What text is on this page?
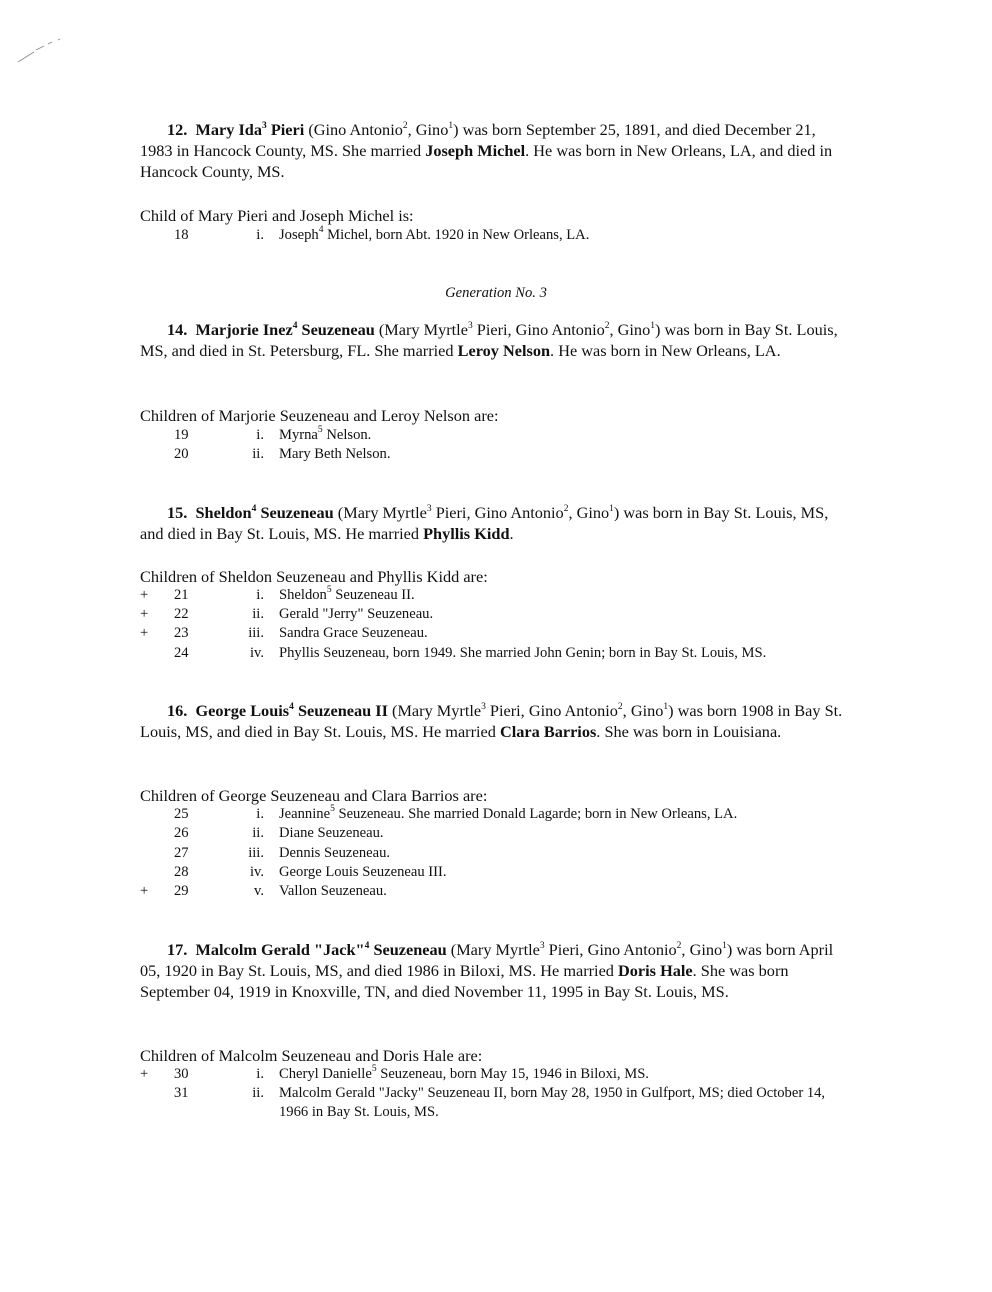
12. Mary Ida$^3$ Pieri (Gino Antonio$^2$, Gino$^1$) was born September 25, 1891, and died December 21, 1983 in Hancock County, MS. She married Joseph Michel. He was born in New Orleans, LA, and died in Hancock County, MS.

Child of Mary Pieri and Joseph Michel is:
18	i. Joseph$^4$ Michel, born Abt. 1920 in New Orleans, LA.
Generation No. 3

14. Marjorie Inez$^4$ Seuzeneau (Mary Myrtle$^3$ Pieri, Gino Antonio$^2$, Gino$^1$) was born in Bay St. Louis, MS, and died in St. Petersburg, FL. She married Leroy Nelson. He was born in New Orleans, LA.

Children of Marjorie Seuzeneau and Leroy Nelson are:
19	i. Myrna$^5$ Nelson.
20	ii. Mary Beth Nelson.

15. Sheldon$^4$ Seuzeneau (Mary Myrtle$^3$ Pieri, Gino Antonio$^2$, Gino$^1$) was born in Bay St. Louis, MS, and died in Bay St. Louis, MS. He married Phyllis Kidd.

Children of Sheldon Seuzeneau and Phyllis Kidd are:
+ 21	i. Sheldon$^5$ Seuzeneau II.
+ 22	ii. Gerald "Jerry" Seuzeneau.
+ 23	iii. Sandra Grace Seuzeneau.
24	iv. Phyllis Seuzeneau, born 1949. She married John Genin; born in Bay St. Louis, MS.

16. George Louis$^4$ Seuzeneau II (Mary Myrtle$^3$ Pieri, Gino Antonio$^2$, Gino$^1$) was born 1908 in Bay St. Louis, MS, and died in Bay St. Louis, MS. He married Clara Barrios. She was born in Louisiana.

Children of George Seuzeneau and Clara Barrios are:
25	i. Jeannine$^5$ Seuzeneau. She married Donald Lagarde; born in New Orleans, LA.
26	ii. Diane Seuzeneau.
27	iii. Dennis Seuzeneau.
28	iv. George Louis Seuzeneau III.
+ 29	v. Vallon Seuzeneau.

17. Malcolm Gerald "Jack"$^4$ Seuzeneau (Mary Myrtle$^3$ Pieri, Gino Antonio$^2$, Gino$^1$) was born April 05, 1920 in Bay St. Louis, MS, and died 1986 in Biloxi, MS. He married Doris Hale. She was born September 04, 1919 in Knoxville, TN, and died November 11, 1995 in Bay St. Louis, MS.

Children of Malcolm Seuzeneau and Doris Hale are:
+ 30	i. Cheryl Danielle$^5$ Seuzeneau, born May 15, 1946 in Biloxi, MS.
31	ii. Malcolm Gerald "Jacky" Seuzeneau II, born May 28, 1950 in Gulfport, MS; died October 14, 1966 in Bay St. Louis, MS.
